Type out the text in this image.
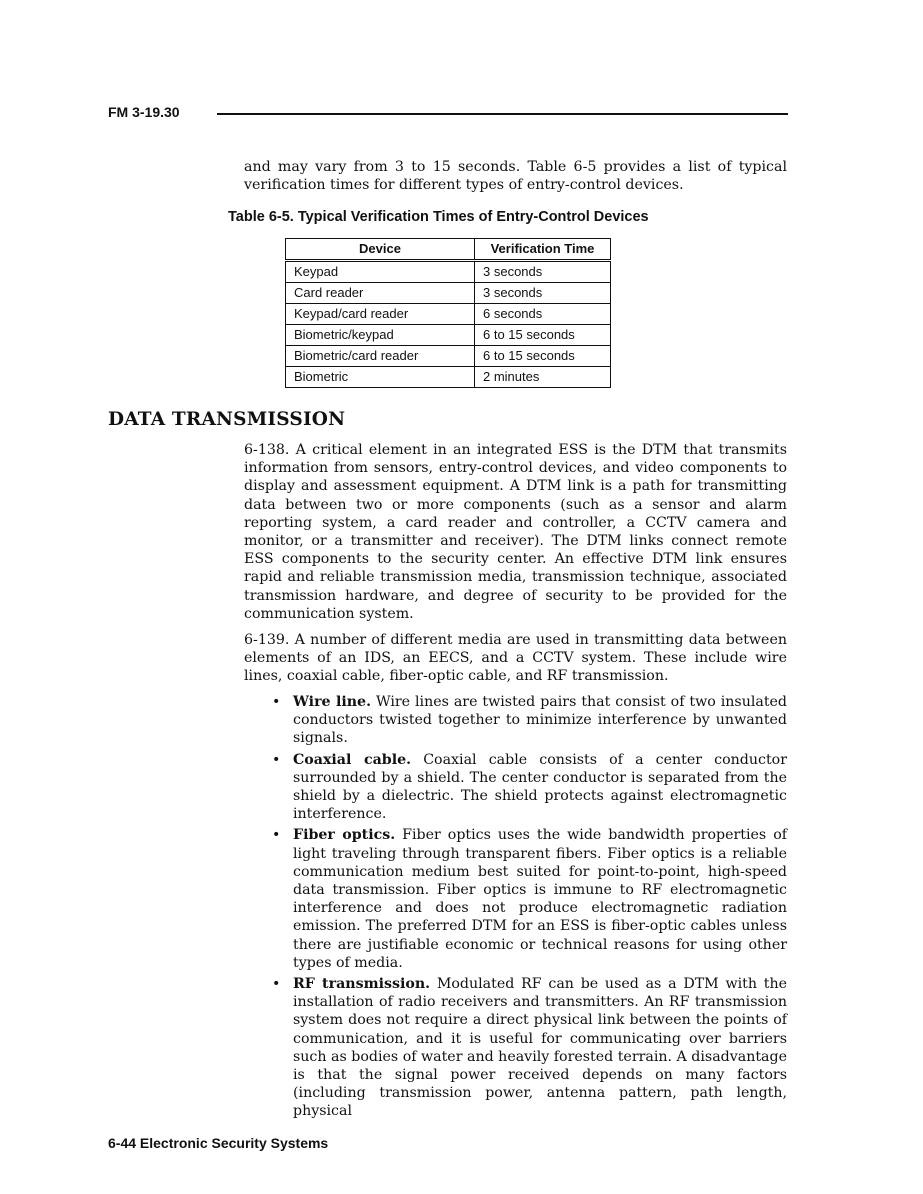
FM 3-19.30

and may vary from 3 to 15 seconds. Table 6-5 provides a list of typical verification times for different types of entry-control devices.

Table 6-5. Typical Verification Times of Entry-Control Devices
Device	Verification Time
Keypad	3 seconds
Card reader	3 seconds
Keypad/card reader	6 seconds
Biometric/keypad	6 to 15 seconds
Biometric/card reader	6 to 15 seconds
Biometric	2 minutes
DATA TRANSMISSION

6-138. A critical element in an integrated ESS is the DTM that transmits information from sensors, entry-control devices, and video components to display and assessment equipment. A DTM link is a path for transmitting data between two or more components (such as a sensor and alarm reporting system, a card reader and controller, a CCTV camera and monitor, or a transmitter and receiver). The DTM links connect remote ESS components to the security center. An effective DTM link ensures rapid and reliable transmission media, transmission technique, associated transmission hardware, and degree of security to be provided for the communication system.

6-139. A number of different media are used in transmitting data between elements of an IDS, an EECS, and a CCTV system. These include wire lines, coaxial cable, fiber-optic cable, and RF transmission.

• Wire line. Wire lines are twisted pairs that consist of two insulated conductors twisted together to minimize interference by unwanted signals.
• Coaxial cable. Coaxial cable consists of a center conductor surrounded by a shield. The center conductor is separated from the shield by a dielectric. The shield protects against electromagnetic interference.
• Fiber optics. Fiber optics uses the wide bandwidth properties of light traveling through transparent fibers. Fiber optics is a reliable communication medium best suited for point-to-point, high-speed data transmission. Fiber optics is immune to RF electromagnetic interference and does not produce electromagnetic radiation emission. The preferred DTM for an ESS is fiber-optic cables unless there are justifiable economic or technical reasons for using other types of media.
• RF transmission. Modulated RF can be used as a DTM with the installation of radio receivers and transmitters. An RF transmission system does not require a direct physical link between the points of communication, and it is useful for communicating over barriers such as bodies of water and heavily forested terrain. A disadvantage is that the signal power received depends on many factors (including transmission power, antenna pattern, path length, physical
6-44 Electronic Security Systems
